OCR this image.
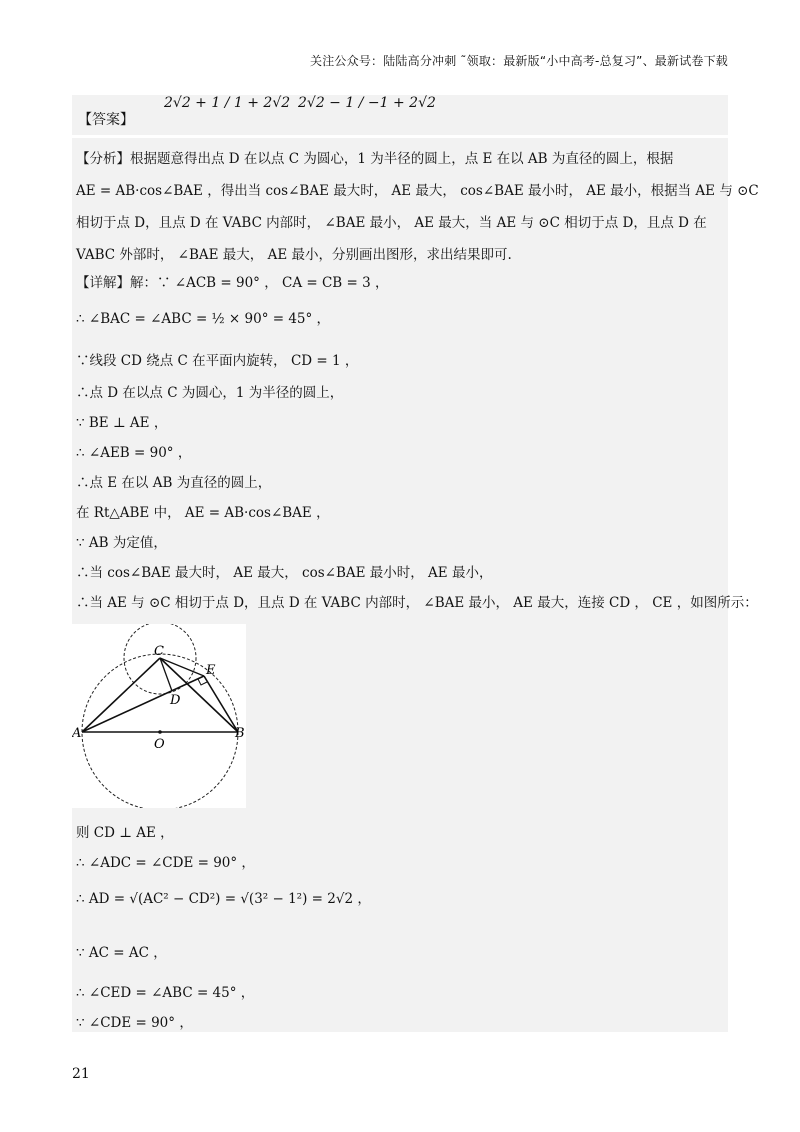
关注公众号：陆陆高分冲刺 ˜领取：最新版“小中高考-总复习”、最新试卷下载
【答案】
2√2 + 1 / 1 + 2√2 2√2 − 1 / −1 + 2√2
【分析】根据题意得出点 D 在以点 C 为圆心，1 为半径的圆上，点 E 在以 AB 为直径的圆上，根据
AE = AB·cos∠BAE ，得出当 cos∠BAE 最大时， AE 最大， cos∠BAE 最小时， AE 最小，根据当 AE 与 ⊙C
相切于点 D，且点 D 在 VABC 内部时， ∠BAE 最小， AE 最大，当 AE 与 ⊙C 相切于点 D，且点 D 在
VABC 外部时， ∠BAE 最大， AE 最小，分别画出图形，求出结果即可.
【详解】解：∵ ∠ACB = 90° ， CA = CB = 3 ，
∴ ∠BAC = ∠ABC = ½ × 90° = 45° ，
∵线段 CD 绕点 C 在平面内旋转， CD = 1 ，
∴点 D 在以点 C 为圆心，1 为半径的圆上，
∵ BE ⊥ AE ，
∴ ∠AEB = 90° ，
∴点 E 在以 AB 为直径的圆上，
在 Rt△ABE 中， AE = AB·cos∠BAE ，
∵ AB 为定值，
∴当 cos∠BAE 最大时， AE 最大， cos∠BAE 最小时， AE 最小，
∴当 AE 与 ⊙C 相切于点 D，且点 D 在 VABC 内部时， ∠BAE 最小， AE 最大，连接 CD ， CE ，如图所示：
A	B
C
D
E
O
则 CD ⊥ AE ，
∴ ∠ADC = ∠CDE = 90° ，
∴ AD = √(AC² − CD²) = √(3² − 1²) = 2√2 ，
∵ AC = AC ，
∴ ∠CED = ∠ABC = 45° ，
∵ ∠CDE = 90° ，
21
